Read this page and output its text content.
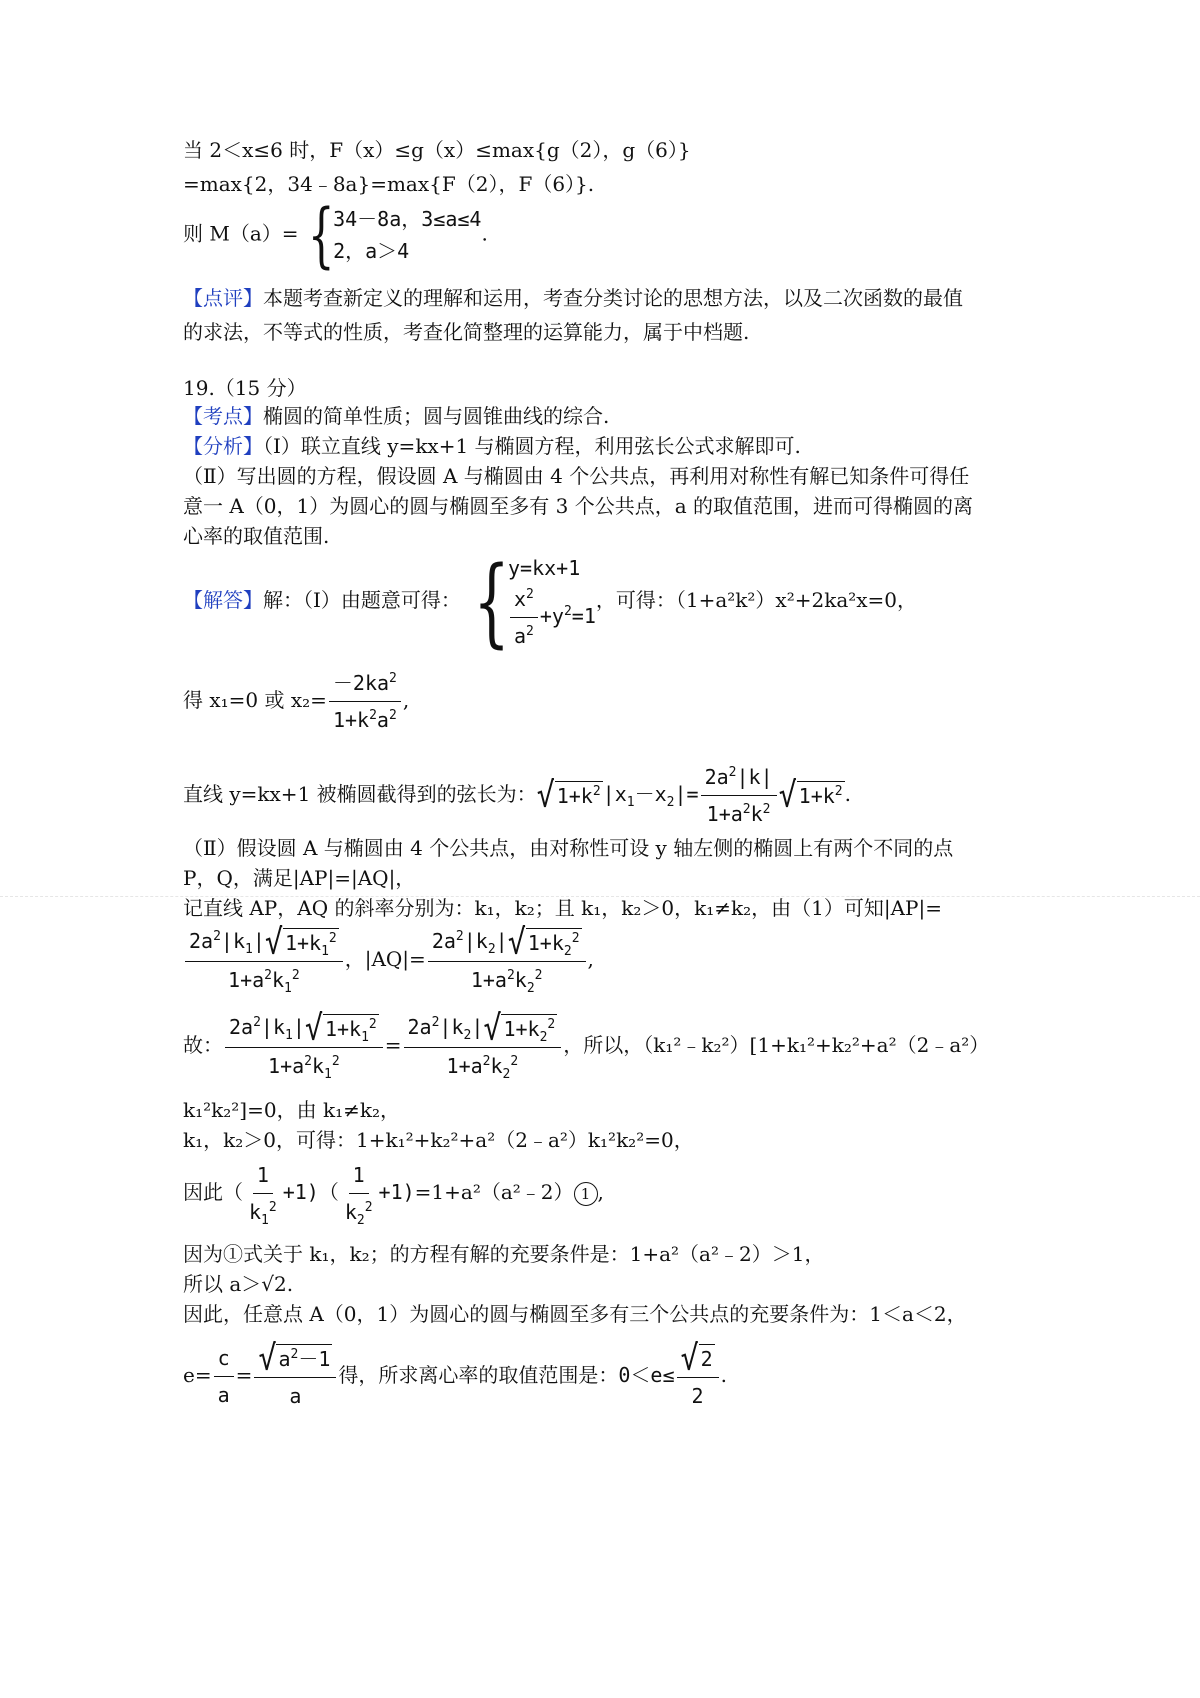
当 2＜x≤6 时，F（x）≤g（x）≤max{g（2），g（6）}
=max{2，34﹣8a}=max{F（2），F（6）}.
则 M（a）= {
34－8a，3≤a≤4
2，a＞4
.
【点评】本题考查新定义的理解和运用，考查分类讨论的思想方法，以及二次函数的最值
的求法，不等式的性质，考查化简整理的运算能力，属于中档题.
19.（15 分）
【考点】椭圆的简单性质；圆与圆锥曲线的综合.
【分析】（Ⅰ）联立直线 y=kx+1 与椭圆方程，利用弦长公式求解即可.
（Ⅱ）写出圆的方程，假设圆 A 与椭圆由 4 个公共点，再利用对称性有解已知条件可得任
意一 A（0，1）为圆心的圆与椭圆至多有 3 个公共点，a 的取值范围，进而可得椭圆的离
心率的取值范围.
【解答】解：（Ⅰ）由题意可得： {
y=kx+1
$\frac{x^2}{a^2} +y^2=1$
，可得：（1+a²k²）x²+2ka²x=0，
得 x₁=0 或 $x_2= \frac{-2ka^2}{1+k^2a^2}$ ,
直线 y=kx+1 被椭圆截得到的弦长为： √ $1+k^2$ $|x_1-x_2|= \frac{2a^2|k|}{1+a^2k^2}$ √ $1+k^2$ .
（Ⅱ）假设圆 A 与椭圆由 4 个公共点，由对称性可设 y 轴左侧的椭圆上有两个不同的点
P，Q，满足|AP|=|AQ|，
记直线 AP，AQ 的斜率分别为：k₁，k₂；且 k₁，k₂＞0，k₁≠k₂，由（1）可知|AP|=
$\frac{2a^2|k_1| √ 1+k_1^2}{1+a^2k_1^2}$ ，$|AQ|= \frac{2a^2|k_2| √ 1+k_2^2}{1+a^2k_2^2}$ ,
故： $\frac{2a^2|k_1| √ 1+k_1^2}{1+a^2k_1^2} = \frac{2a^2|k_2| √ 1+k_2^2}{1+a^2k_2^2}$ ，所以，（k₁²﹣k₂²）[1+k₁²+k₂²+a²（2﹣a²）
k₁²k₂²]=0，由 k₁≠k₂，
k₁，k₂＞0，可得：1+k₁²+k₂²+a²（2﹣a²）k₁²k₂²=0，
因此（ $\frac{1}{k_1^2} +1)( \frac{1}{k_2^2}$ +1)=1+a²（a²﹣2） 1 ,
因为①式关于 k₁，k₂；的方程有解的充要条件是：1+a²（a²﹣2）＞1，
所以 a＞√2.
因此，任意点 A（0，1）为圆心的圆与椭圆至多有三个公共点的充要条件为：1＜a＜2，
$e= \frac{c}{a} = \frac{√ a^2-1}{a}$ 得，所求离心率的取值范围是：$0<e\le \frac{√ 2}{2}$ .
